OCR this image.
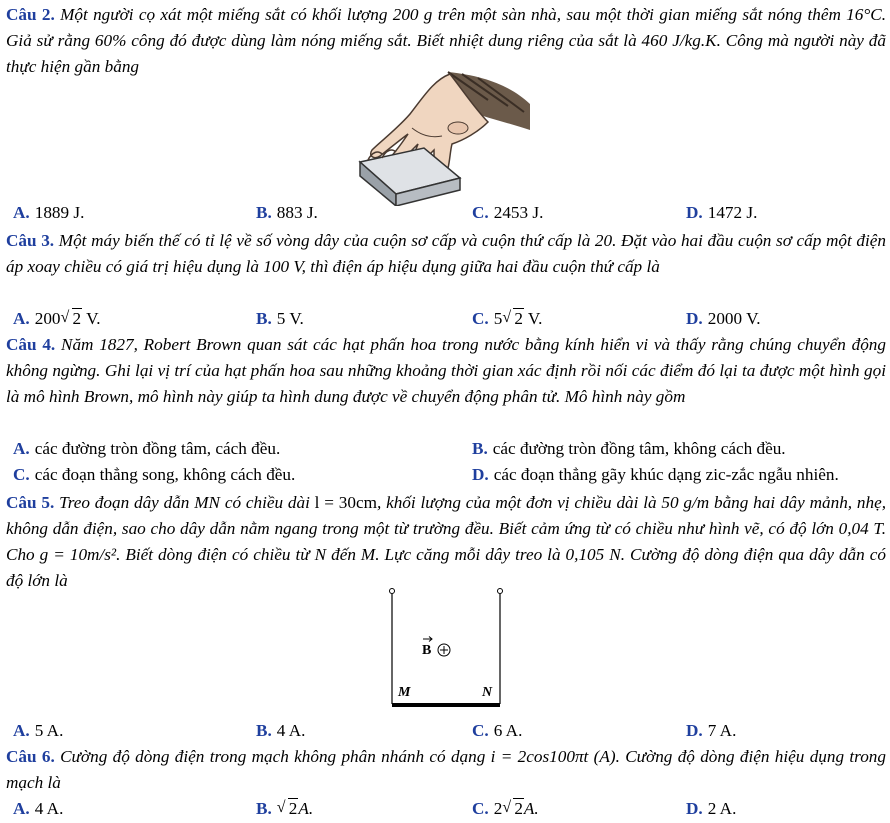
Câu 2. Một người cọ xát một miếng sắt có khối lượng 200 g trên một sàn nhà, sau một thời gian miếng sắt nóng thêm 16°C. Giả sử rằng 60% công đó được dùng làm nóng miếng sắt. Biết nhiệt dung riêng của sắt là 460 J/kg.K. Công mà người này đã thực hiện gần bằng
A. 1889 J.	B. 883 J.	C. 2453 J.	D. 1472 J.
Câu 3. Một máy biến thế có tỉ lệ về số vòng dây của cuộn sơ cấp và cuộn thứ cấp là 20. Đặt vào hai đầu cuộn sơ cấp một điện áp xoay chiều có giá trị hiệu dụng là 100 V, thì điện áp hiệu dụng giữa hai đầu cuộn thứ cấp là
A. 200 √ 2 V.	B. 5 V.	C. 5 √ 2 V.	D. 2000 V.
Câu 4. Năm 1827, Robert Brown quan sát các hạt phấn hoa trong nước bằng kính hiển vi và thấy rằng chúng chuyển động không ngừng. Ghi lại vị trí của hạt phấn hoa sau những khoảng thời gian xác định rồi nối các điểm đó lại ta được một hình gọi là mô hình Brown, mô hình này giúp ta hình dung được về chuyển động phân tử. Mô hình này gồm
A. các đường tròn đồng tâm, cách đều.	B. các đường tròn đồng tâm, không cách đều.
C. các đoạn thẳng song, không cách đều.	D. các đoạn thẳng gãy khúc dạng zic-zắc ngẫu nhiên.
Câu 5. Treo đoạn dây dẫn MN có chiều dài l = 30cm, khối lượng của một đơn vị chiều dài là 50 g/m bằng hai dây mảnh, nhẹ, không dẫn điện, sao cho dây dẫn nằm ngang trong một từ trường đều. Biết cảm ứng từ có chiều như hình vẽ, có độ lớn 0,04 T. Cho g = 10m/s². Biết dòng điện có chiều từ N đến M. Lực căng mỗi dây treo là 0,105 N. Cường độ dòng điện qua dây dẫn có độ lớn là
B
M	N
A. 5 A.	B. 4 A.	C. 6 A.	D. 7 A.
Câu 6. Cường độ dòng điện trong mạch không phân nhánh có dạng i = 2cos100πt (A). Cường độ dòng điện hiệu dụng trong mạch là
A. 4 A.	B. √ 2A.	C. 2 √ 2A.	D. 2 A.
